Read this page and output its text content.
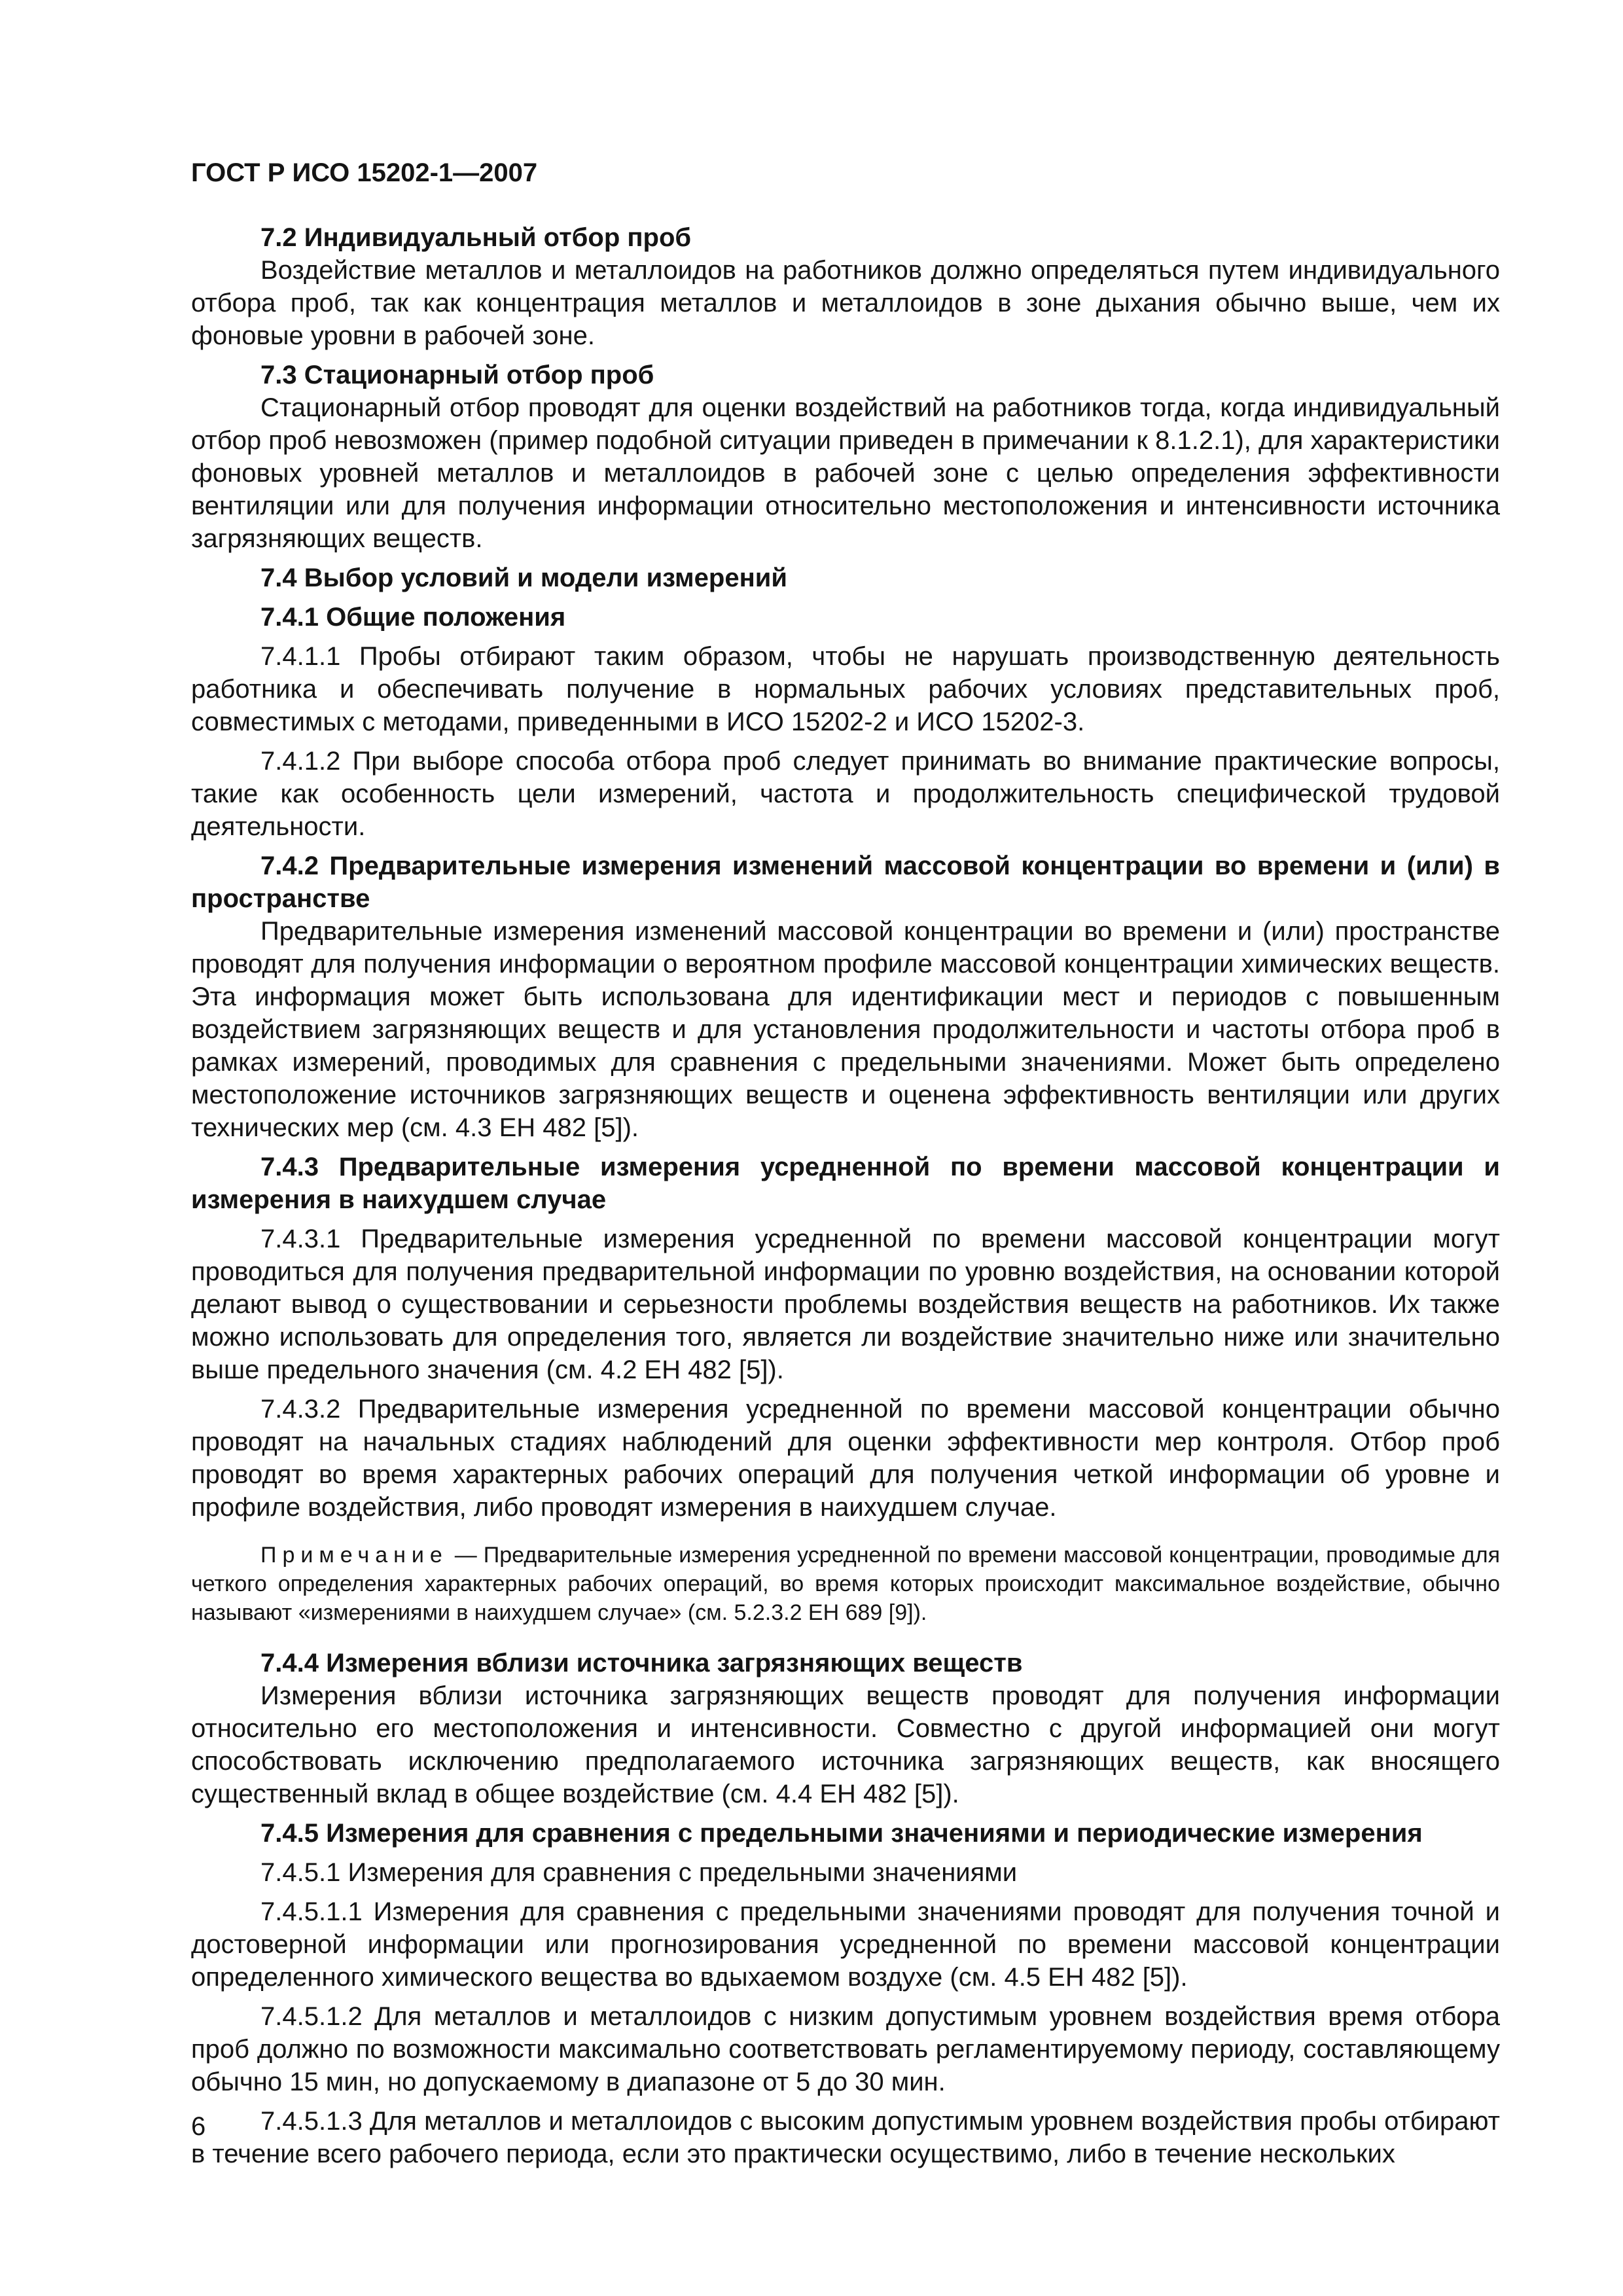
ГОСТ Р ИСО 15202-1—2007

7.2 Индивидуальный отбор проб

Воздействие металлов и металлоидов на работников должно определяться путем индивидуального отбора проб, так как концентрация металлов и металлоидов в зоне дыхания обычно выше, чем их фоновые уровни в рабочей зоне.

7.3 Стационарный отбор проб

Стационарный отбор проводят для оценки воздействий на работников тогда, когда индивидуальный отбор проб невозможен (пример подобной ситуации приведен в примечании к 8.1.2.1), для характеристики фоновых уровней металлов и металлоидов в рабочей зоне с целью определения эффективности вентиляции или для получения информации относительно местоположения и интенсивности источника загрязняющих веществ.

7.4 Выбор условий и модели измерений

7.4.1 Общие положения

7.4.1.1 Пробы отбирают таким образом, чтобы не нарушать производственную деятельность работника и обеспечивать получение в нормальных рабочих условиях представительных проб, совместимых с методами, приведенными в ИСО 15202-2 и ИСО 15202-3.

7.4.1.2 При выборе способа отбора проб следует принимать во внимание практические вопросы, такие как особенность цели измерений, частота и продолжительность специфической трудовой деятельности.

7.4.2 Предварительные измерения изменений массовой концентрации во времени и (или) в пространстве

Предварительные измерения изменений массовой концентрации во времени и (или) пространстве проводят для получения информации о вероятном профиле массовой концентрации химических веществ. Эта информация может быть использована для идентификации мест и периодов с повышенным воздействием загрязняющих веществ и для установления продолжительности и частоты отбора проб в рамках измерений, проводимых для сравнения с предельными значениями. Может быть определено местоположение источников загрязняющих веществ и оценена эффективность вентиляции или других технических мер (см. 4.3 ЕН 482 [5]).

7.4.3 Предварительные измерения усредненной по времени массовой концентрации и измерения в наихудшем случае

7.4.3.1 Предварительные измерения усредненной по времени массовой концентрации могут проводиться для получения предварительной информации по уровню воздействия, на основании которой делают вывод о существовании и серьезности проблемы воздействия веществ на работников. Их также можно использовать для определения того, является ли воздействие значительно ниже или значительно выше предельного значения (см. 4.2 ЕН 482 [5]).

7.4.3.2 Предварительные измерения усредненной по времени массовой концентрации обычно проводят на начальных стадиях наблюдений для оценки эффективности мер контроля. Отбор проб проводят во время характерных рабочих операций для получения четкой информации об уровне и профиле воздействия, либо проводят измерения в наихудшем случае.

Примечание — Предварительные измерения усредненной по времени массовой концентрации, проводимые для четкого определения характерных рабочих операций, во время которых происходит максимальное воздействие, обычно называют «измерениями в наихудшем случае» (см. 5.2.3.2 ЕН 689 [9]).

7.4.4 Измерения вблизи источника загрязняющих веществ

Измерения вблизи источника загрязняющих веществ проводят для получения информации относительно его местоположения и интенсивности. Совместно с другой информацией они могут способствовать исключению предполагаемого источника загрязняющих веществ, как вносящего существенный вклад в общее воздействие (см. 4.4 ЕН 482 [5]).

7.4.5 Измерения для сравнения с предельными значениями и периодические измерения

7.4.5.1 Измерения для сравнения с предельными значениями

7.4.5.1.1 Измерения для сравнения с предельными значениями проводят для получения точной и достоверной информации или прогнозирования усредненной по времени массовой концентрации определенного химического вещества во вдыхаемом воздухе (см. 4.5 ЕН 482 [5]).

7.4.5.1.2 Для металлов и металлоидов с низким допустимым уровнем воздействия время отбора проб должно по возможности максимально соответствовать регламентируемому периоду, составляющему обычно 15 мин, но допускаемому в диапазоне от 5 до 30 мин.

7.4.5.1.3 Для металлов и металлоидов с высоким допустимым уровнем воздействия пробы отбирают в течение всего рабочего периода, если это практически осуществимо, либо в течение нескольких

6
